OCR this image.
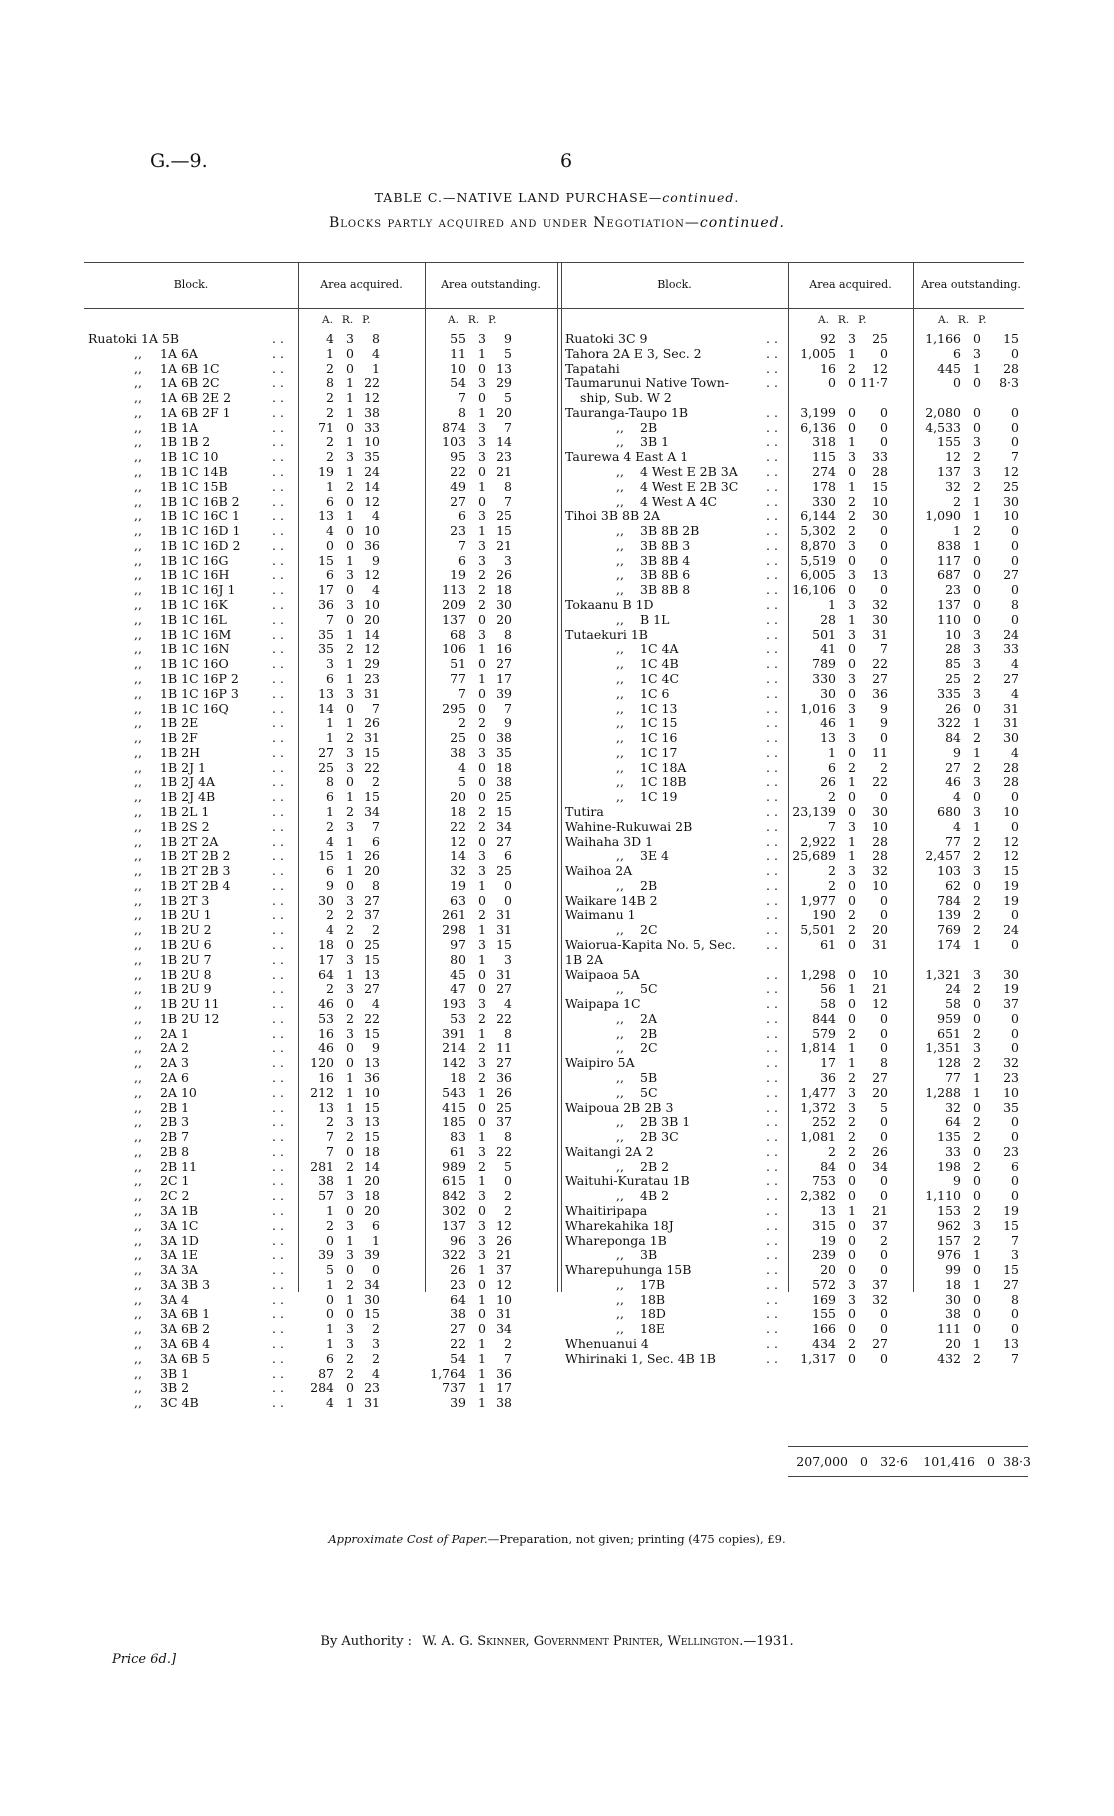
G.—9.	6
TABLE C.—NATIVE LAND PURCHASE—continued.
Blocks partly acquired and under Negotiation—continued.
Block.	Area acquired.	Area outstanding.	Block.	Area acquired.	Area outstanding.
A. R. P.	A. R. P.	A. R. P.	A. R. P.
Ruatoki 1A 5B	. .	4 3 8	55 3 9
,, 1A 6A	. .	1 0 4	11 1 5
,, 1A 6B 1C	. .	2 0 1	10 0 13
,, 1A 6B 2C	. .	8 1 22	54 3 29
,, 1A 6B 2E 2	. .	2 1 12	7 0 5
,, 1A 6B 2F 1	. .	2 1 38	8 1 20
,, 1B 1A	. .	71 0 33	874 3 7
,, 1B 1B 2	. .	2 1 10	103 3 14
,, 1B 1C 10	. .	2 3 35	95 3 23
,, 1B 1C 14B	. .	19 1 24	22 0 21
,, 1B 1C 15B	. .	1 2 14	49 1 8
,, 1B 1C 16B 2	. .	6 0 12	27 0 7
,, 1B 1C 16C 1	. .	13 1 4	6 3 25
,, 1B 1C 16D 1	. .	4 0 10	23 1 15
,, 1B 1C 16D 2	. .	0 0 36	7 3 21
,, 1B 1C 16G	. .	15 1 9	6 3 3
,, 1B 1C 16H	. .	6 3 12	19 2 26
,, 1B 1C 16J 1	. .	17 0 4	113 2 18
,, 1B 1C 16K	. .	36 3 10	209 2 30
,, 1B 1C 16L	. .	7 0 20	137 0 20
,, 1B 1C 16M	. .	35 1 14	68 3 8
,, 1B 1C 16N	. .	35 2 12	106 1 16
,, 1B 1C 16O	. .	3 1 29	51 0 27
,, 1B 1C 16P 2	. .	6 1 23	77 1 17
,, 1B 1C 16P 3	. .	13 3 31	7 0 39
,, 1B 1C 16Q	. .	14 0 7	295 0 7
,, 1B 2E	. .	1 1 26	2 2 9
,, 1B 2F	. .	1 2 31	25 0 38
,, 1B 2H	. .	27 3 15	38 3 35
,, 1B 2J 1	. .	25 3 22	4 0 18
,, 1B 2J 4A	. .	8 0 2	5 0 38
,, 1B 2J 4B	. .	6 1 15	20 0 25
,, 1B 2L 1	. .	1 2 34	18 2 15
,, 1B 2S 2	. .	2 3 7	22 2 34
,, 1B 2T 2A	. .	4 1 6	12 0 27
,, 1B 2T 2B 2	. .	15 1 26	14 3 6
,, 1B 2T 2B 3	. .	6 1 20	32 3 25
,, 1B 2T 2B 4	. .	9 0 8	19 1 0
,, 1B 2T 3	. .	30 3 27	63 0 0
,, 1B 2U 1	. .	2 2 37	261 2 31
,, 1B 2U 2	. .	4 2 2	298 1 31
,, 1B 2U 6	. .	18 0 25	97 3 15
,, 1B 2U 7	. .	17 3 15	80 1 3
,, 1B 2U 8	. .	64 1 13	45 0 31
,, 1B 2U 9	. .	2 3 27	47 0 27
,, 1B 2U 11	. .	46 0 4	193 3 4
,, 1B 2U 12	. .	53 2 22	53 2 22
,, 2A 1	. .	16 3 15	391 1 8
,, 2A 2	. .	46 0 9	214 2 11
,, 2A 3	. .	120 0 13	142 3 27
,, 2A 6	. .	16 1 36	18 2 36
,, 2A 10	. .	212 1 10	543 1 26
,, 2B 1	. .	13 1 15	415 0 25
,, 2B 3	. .	2 3 13	185 0 37
,, 2B 7	. .	7 2 15	83 1 8
,, 2B 8	. .	7 0 18	61 3 22
,, 2B 11	. .	281 2 14	989 2 5
,, 2C 1	. .	38 1 20	615 1 0
,, 2C 2	. .	57 3 18	842 3 2
,, 3A 1B	. .	1 0 20	302 0 2
,, 3A 1C	. .	2 3 6	137 3 12
,, 3A 1D	. .	0 1 1	96 3 26
,, 3A 1E	. .	39 3 39	322 3 21
,, 3A 3A	. .	5 0 0	26 1 37
,, 3A 3B 3	. .	1 2 34	23 0 12
,, 3A 4	. .	0 1 30	64 1 10
,, 3A 6B 1	. .	0 0 15	38 0 31
,, 3A 6B 2	. .	1 3 2	27 0 34
,, 3A 6B 4	. .	1 3 3	22 1 2
,, 3A 6B 5	. .	6 2 2	54 1 7
,, 3B 1	. .	87 2 4	1,764 1 36
,, 3B 2	. .	284 0 23	737 1 17
,, 3C 4B	. .	4 1 31	39 1 38
Ruatoki 3C 9	. .	92 3 25	1,166 0 15
Tahora 2A E 3, Sec. 2	. .	1,005 1 0	6 3 0
Tapatahi	. .	16 2 12	445 1 28
Taumarunui Native Town-	. .	0 0 11·7	0 0 8·3
ship, Sub. W 2
Tauranga-Taupo 1B	. .	3,199 0 0	2,080 0 0
,, 2B	. .	6,136 0 0	4,533 0 0
,, 3B 1	. .	318 1 0	155 3 0
Taurewa 4 East A 1	. .	115 3 33	12 2 7
,, 4 West E 2B 3A . .	274 0 28	137 3 12
,, 4 West E 2B 3C . .	178 1 15	32 2 25
,, 4 West A 4C	. .	330 2 10	2 1 30
Tihoi 3B 8B 2A	. .	6,144 2 30	1,090 1 10
,, 3B 8B 2B	. .	5,302 2 0	1 2 0
,, 3B 8B 3	. .	8,870 3 0	838 1 0
,, 3B 8B 4	. .	5,519 0 0	117 0 0
,, 3B 8B 6	. .	6,005 3 13	687 0 27
,, 3B 8B 8	. . 16,106 0 0	23 0 0
Tokaanu B 1D	. .	1 3 32	137 0 8
,, B 1L	. .	28 1 30	110 0 0
Tutaekuri 1B	. .	501 3 31	10 3 24
,, 1C 4A	. .	41 0 7	28 3 33
,, 1C 4B	. .	789 0 22	85 3 4
,, 1C 4C	. .	330 3 27	25 2 27
,, 1C 6	. .	30 0 36	335 3 4
,, 1C 13	. .	1,016 3 9	26 0 31
,, 1C 15	. .	46 1 9	322 1 31
,, 1C 16	. .	13 3 0	84 2 30
,, 1C 17	. .	1 0 11	9 1 4
,, 1C 18A	. .	6 2 2	27 2 28
,, 1C 18B	. .	26 1 22	46 3 28
,, 1C 19	. .	2 0 0	4 0 0
Tutira	. . 23,139 0 30	680 3 10
Wahine-Rukuwai 2B	. .	7 3 10	4 1 0
Waihaha 3D 1	. .	2,922 1 28	77 2 12
,, 3E 4	. . 25,689 1 28	2,457 2 12
Waihoa 2A	. .	2 3 32	103 3 15
,, 2B	. .	2 0 10	62 0 19
Waikare 14B 2	. .	1,977 0 0	784 2 19
Waimanu 1	. .	190 2 0	139 2 0
,, 2C	. .	5,501 2 20	769 2 24
Waioruа-Kapita No. 5, Sec. . .	61 0 31	174 1 0
1B 2A
Waipaoa 5A	. .	1,298 0 10	1,321 3 30
,, 5C	. .	56 1 21	24 2 19
Waipapa 1C	. .	58 0 12	58 0 37
,, 2A	. .	844 0 0	959 0 0
,, 2B	. .	579 2 0	651 2 0
,, 2C	. .	1,814 1 0	1,351 3 0
Waipiro 5A	. .	17 1 8	128 2 32
,, 5B	. .	36 2 27	77 1 23
,, 5C	. .	1,477 3 20	1,288 1 10
Waipoua 2B 2B 3	. .	1,372 3 5	32 0 35
,, 2B 3B 1	. .	252 2 0	64 2 0
,, 2B 3C	. .	1,081 2 0	135 2 0
Waitangi 2A 2	. .	2 2 26	33 0 23
,, 2B 2	. .	84 0 34	198 2 6
Waituhi-Kuratau 1B	. .	753 0 0	9 0 0
,, 4B 2	. .	2,382 0 0	1,110 0 0
Whaitiripapa	. .	13 1 21	153 2 19
Wharekahika 18J	. .	315 0 37	962 3 15
Whareponga 1B	. .	19 0 2	157 2 7
,, 3B	. .	239 0 0	976 1 3
Wharepuhunga 15B	. .	20 0 0	99 0 15
,, 17B	. .	572 3 37	18 1 27
,, 18B	. .	169 3 32	30 0 8
,, 18D	. .	155 0 0	38 0 0
,, 18E	. .	166 0 0	111 0 0
Whenuanui 4	. .	434 2 27	20 1 13
Whirinaki 1, Sec. 4B 1B	. .	1,317 0 0	432 2 7
207,000 0 32·6	101,416 0 38·3
Approximate Cost of Paper.—Preparation, not given; printing (475 copies), £9.
By Authority : W. A. G. Skinner, Government Printer, Wellington.—1931.
Price 6d.]
